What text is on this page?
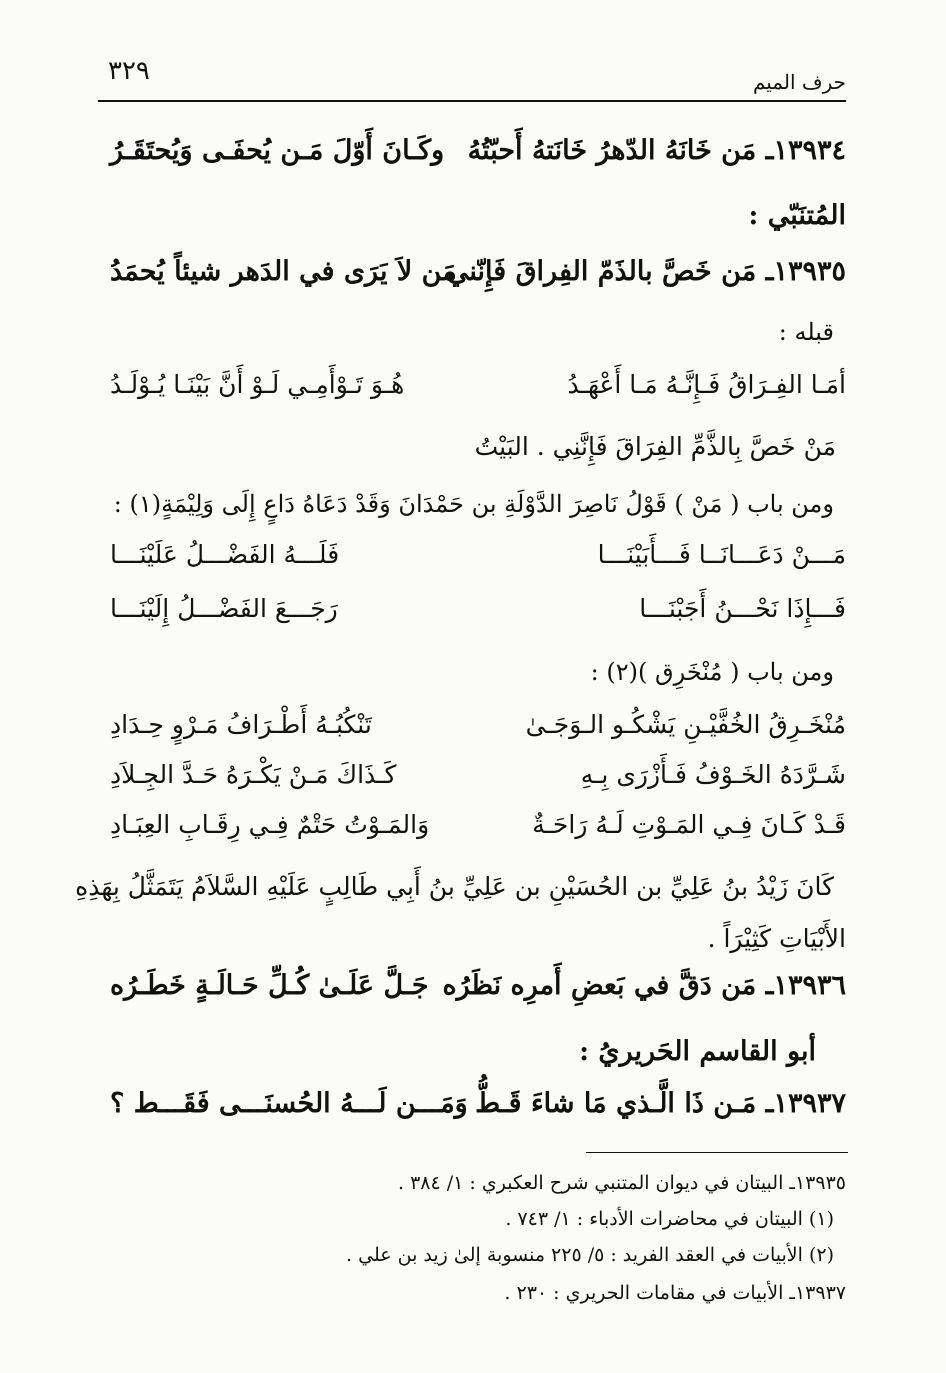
٣٢٩	حرف الميم
١٣٩٣٤ـ مَن خَانَهُ الدّهرُ خَانَتهُ أَحبّتُهُ
وكَـانَ أَوّلَ مَـن يُحفَـى وَيُحتَقَـرُ
المُتنَبّي :
١٣٩٣٥ـ مَن خَصَّ بالذَمّ الفِراقَ فَإِنّني
مَن لاَ يَرَى في الدَهر شيئاً يُحمَدُ
قبله :
أمَـا الفِـرَاقُ فَـإِنَّـهُ مَـا أَعْهَـدُ
هُـوَ تَـوْأَمِـي لَـوْ أَنَّ بَيْنَـا يُـوْلَـدُ
مَنْ خَصَّ بِالذَّمِّ الفِرَاقَ فَإِنَّنِي . البَيْتُ
ومن باب ( مَنْ ) قَوْلُ نَاصِرَ الدَّوْلَةِ بن حَمْدَانَ وَقَدْ دَعَاهُ دَاعٍ إِلَى وَلِيْمَةٍ(١) :
مَـــنْ دَعَـــانَــا فَـــأَبَيْنَـــا
فَلَـــهُ الفَضْـــلُ عَلَيْنَـــا
فَـــإِذَا نَحْـــنُ أَجَبْنَـــا
رَجَـــعَ الفَضْـــلُ إِلَيْنَـــا
ومن باب ( مُنْخَرِق )(٢) :
مُنْخَـرِقُ الخُفَّيْـنِ يَشْكُـو الـوَجَـىٰ
تَنْكُبُـهُ أَطْـرَافُ مَـرْوٍ حِـدَادِ
شَـرَّدَهُ الخَـوْفُ فَـأَزْرَى بِـهِ
كَـذَاكَ مَـنْ يَكْـرَهُ حَـدَّ الجِـلاَدِ
قَـدْ كَـانَ فِـي المَـوْتِ لَـهُ رَاحَـةٌ
وَالمَـوْتُ حَتْمٌ فِـي رِقَـابِ العِبَـادِ
كَانَ زَيْدُ بنُ عَلِيِّ بن الحُسَيْنِ بن عَلِيِّ بنُ أَبِي طَالِبٍ عَلَيْهِ السَّلاَمُ يَتَمَثَّلُ بِهَذِهِ
الأَبْيَاتِ كَثِيْرَاً .
١٣٩٣٦ـ مَن دَقَّ في بَعضِ أَمرِه نَظَرُه
جَـلَّ عَلَـىٰ كُـلِّ حَـالَـةٍ خَطَـرُه
أبو القاسم الحَريريُ :
١٣٩٣٧ـ مَـن ذَا الَّـذي مَا شاءَ قَـطُّ
وَمَـــن لَـــهُ الحُسنَـــى فَقَـــط ؟
١٣٩٣٥ـ البيتان في ديوان المتنبي شرح العكبري : ١/ ٣٨٤ .
(١) البيتان في محاضرات الأدباء : ١/ ٧٤٣ .
(٢) الأبيات في العقد الفريد : ٥/ ٢٢٥ منسوبة إلىٰ زيد بن علي .
١٣٩٣٧ـ الأبيات في مقامات الحريري : ٢٣٠ .
